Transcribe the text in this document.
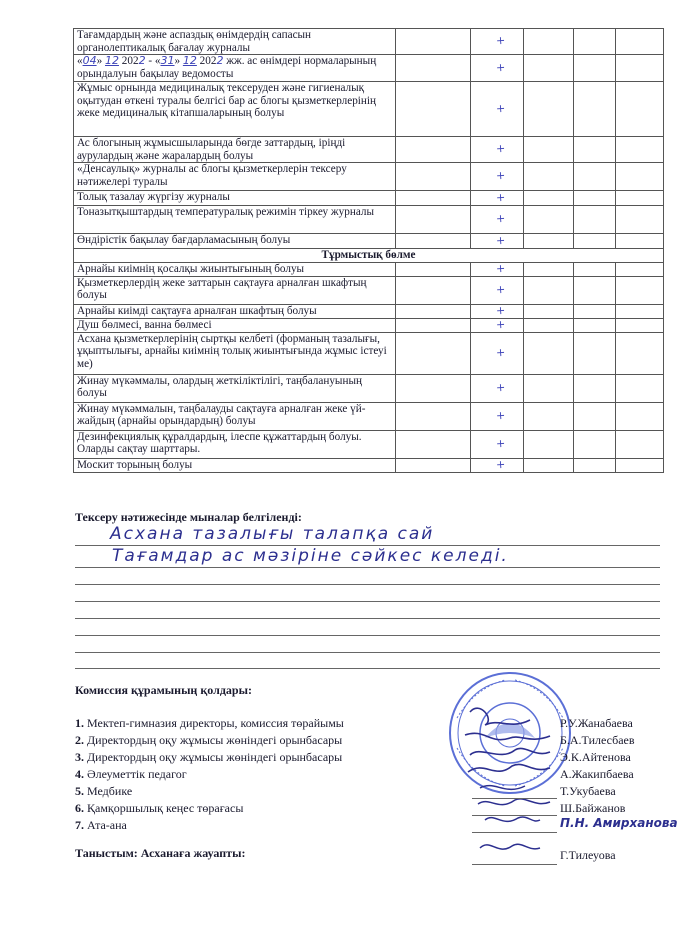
Тағамдардың және аспаздық өнімдердің сапасын органолептикалық бағалау журналы		+			
«04» 12 2022 - «31» 12 2022 жж. ас өнімдері нормаларының орындалуын бақылау ведомосты		+			
Жұмыс орнында медициналық тексеруден және гигиеналық оқытудан өткені туралы белгісі бар ас блогы қызметкерлерінің жеке медициналық кітапшаларының болуы		+			
Ас блогының жұмысшыларында бөгде заттардың, іріңді аурулардың және жаралардың болуы		+			
«Денсаулық» журналы ас блогы қызметкерлерін тексеру нәтижелері туралы		+			
Толық тазалау жүргізу журналы		+			
Тоназытқыштардың температуралық режимін тіркеу журналы		+			
Өндірістік бақылау бағдарламасының болуы		+			
Тұрмыстық бөлме					
Арнайы киімнің қосалқы жиынтығының болуы		+			
Қызметкерлердің жеке заттарын сақтауға арналған шкафтың болуы		+			
Арнайы киімді сақтауға арналған шкафтың болуы		+			
Душ бөлмесі, ванна бөлмесі		+			
Асхана қызметкерлерінің сыртқы келбеті (форманың тазалығы, ұқыптылығы, арнайы киімнің толық жиынтығында жұмыс істеуі ме)		+			
Жинау мүкәммалы, олардың жеткіліктілігі, таңбалануының болуы		+			
Жинау мүкәммалын, таңбалауды сақтауға арналған жеке үй-жайдың (арнайы орындардың) болуы		+			
Дезинфекциялық құралдардың, ілеспе құжаттардың болуы. Оларды сақтау шарттары.		+			
Москит торының болуы		+			
Тексеру нәтижесінде мыналар белгіленді:
Асхана тазалығы талапқа сай
Тағамдар ас мәзіріне сәйкес келеді.
Комиссия құрамының қолдары:
1. Мектеп-гимназия директоры, комиссия төрайымы
2. Директордың оқу жұмысы жөніндегі орынбасары
3. Директордың оқу жұмысы жөніндегі орынбасары
4. Әлеуметтік педагог
5. Медбике
6. Қамқоршылық кеңес төрағасы
7. Ата-ана
Р.У.Жанабаева
Б.А.Тилесбаев
Э.К.Айтенова
А.Жакипбаева
Т.Укубаева
Ш.Байжанов
П.Н. Амирханова
Таныстым: Асханаға жауапты:	Г.Тилеуова
